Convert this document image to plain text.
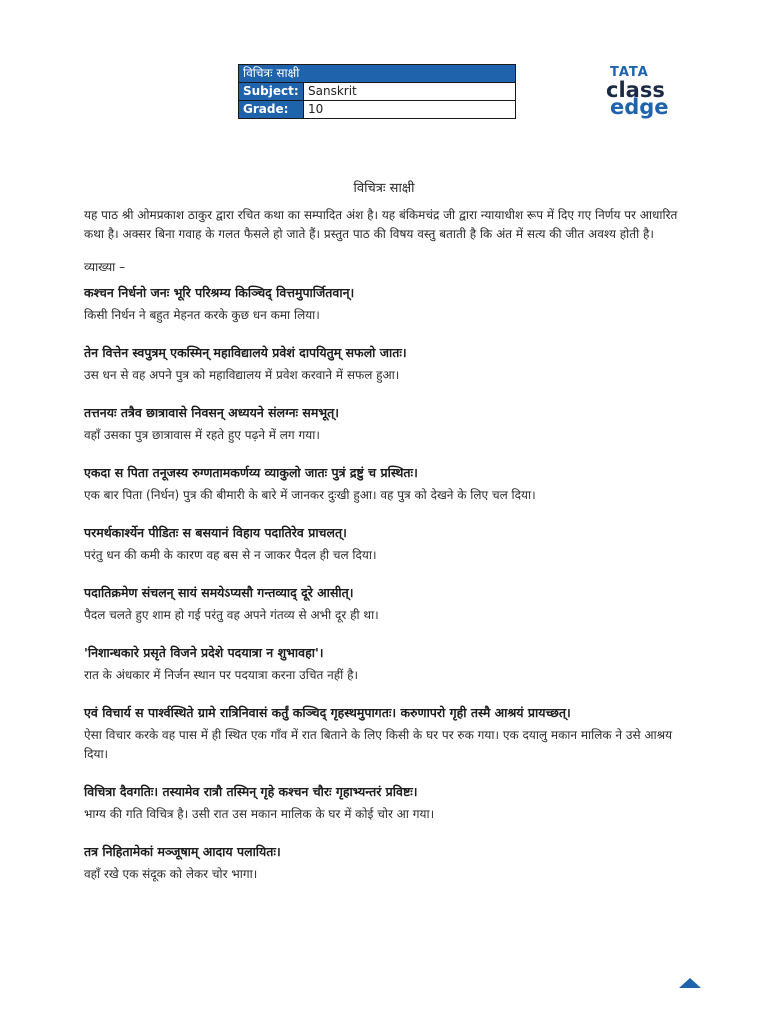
विचित्रः साक्षी	
Subject:	Sanskrit
Grade:	10
TATA
class
edge
विचित्रः साक्षी

यह पाठ श्री ओमप्रकाश ठाकुर द्वारा रचित कथा का सम्पादित अंश है। यह बंकिमचंद्र जी द्वारा न्यायाधीश रूप में दिए गए निर्णय पर आधारित कथा है। अक्सर बिना गवाह के गलत फैसले हो जाते हैं। प्रस्तुत पाठ की विषय वस्तु बताती है कि अंत में सत्य की जीत अवश्य होती है।

व्याख्या –

कश्चन निर्धनो जनः भूरि परिश्रम्य किञ्चिद् वित्तमुपार्जितवान्।

किसी निर्धन ने बहुत मेहनत करके कुछ धन कमा लिया।

तेन वित्तेन स्वपुत्रम् एकस्मिन् महाविद्यालये प्रवेशं दापयितुम् सफलो जातः।

उस धन से वह अपने पुत्र को महाविद्यालय में प्रवेश करवाने में सफल हुआ।

तत्तनयः तत्रैव छात्रावासे निवसन् अध्ययने संलग्नः समभूत्।

वहाँ उसका पुत्र छात्रावास में रहते हुए पढ़ने में लग गया।

एकदा स पिता तनूजस्य रुग्णतामकर्णय्य व्याकुलो जातः पुत्रं द्रष्टुं च प्रस्थितः।

एक बार पिता (निर्धन) पुत्र की बीमारी के बारे में जानकर दुःखी हुआ। वह पुत्र को देखने के लिए चल दिया।

परमर्थकार्श्येन पीडितः स बसयानं विहाय पदातिरेव प्राचलत्।

परंतु धन की कमी के कारण वह बस से न जाकर पैदल ही चल दिया।

पदातिक्रमेण संचलन् सायं समयेऽप्यसौ गन्तव्याद् दूरे आसीत्।

पैदल चलते हुए शाम हो गई परंतु वह अपने गंतव्य से अभी दूर ही था।

'निशान्धकारे प्रसृते विजने प्रदेशे पदयात्रा न शुभावहा'।

रात के अंधकार में निर्जन स्थान पर पदयात्रा करना उचित नहीं है।

एवं विचार्य स पार्श्वस्थिते ग्रामे रात्रिनिवासं कर्तुं कञ्चिद् गृहस्थमुपागतः। करुणापरो गृही तस्मै आश्रयं प्रायच्छत्।

ऐसा विचार करके वह पास में ही स्थित एक गाँव में रात बिताने के लिए किसी के घर पर रुक गया। एक दयालु मकान मालिक ने उसे आश्रय दिया।

विचित्रा दैवगतिः। तस्यामेव रात्रौ तस्मिन् गृहे कश्चन चौरः गृहाभ्यन्तरं प्रविष्टः।

भाग्य की गति विचित्र है। उसी रात उस मकान मालिक के घर में कोई चोर आ गया।

तत्र निहितामेकां मञ्जूषाम् आदाय पलायितः।

वहाँ रखे एक संदूक को लेकर चोर भागा।
